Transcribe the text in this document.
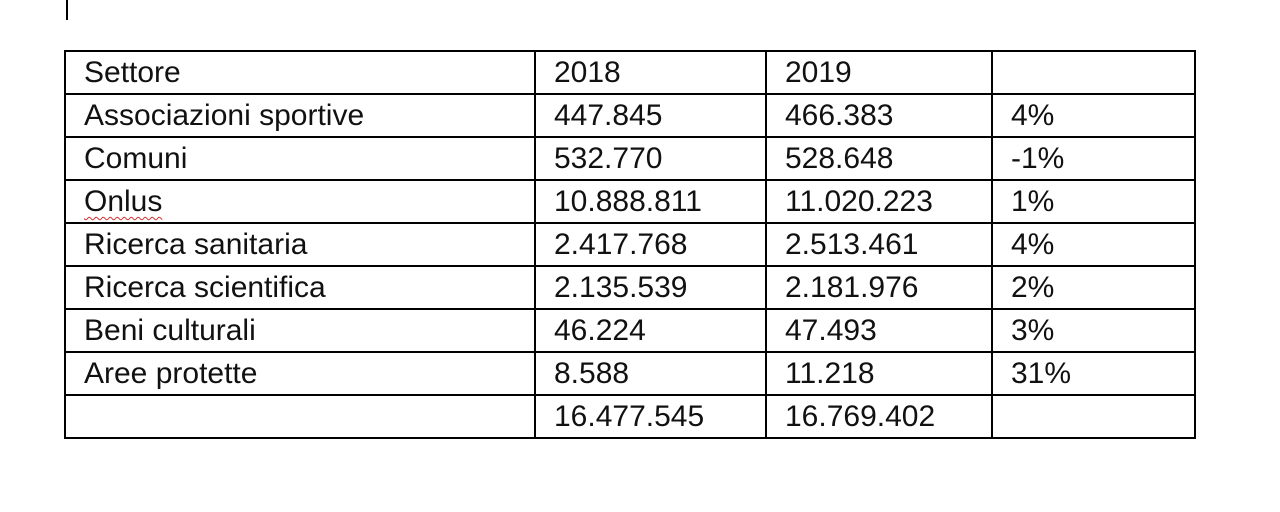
Settore	2018	2019	
Associazioni sportive	447.845	466.383	4%
Comuni	532.770	528.648	-1%
Onlus	10.888.811	11.020.223	1%
Ricerca sanitaria	2.417.768	2.513.461	4%
Ricerca scientifica	2.135.539	2.181.976	2%
Beni culturali	46.224	47.493	3%
Aree protette	8.588	11.218	31%
	16.477.545	16.769.402	
